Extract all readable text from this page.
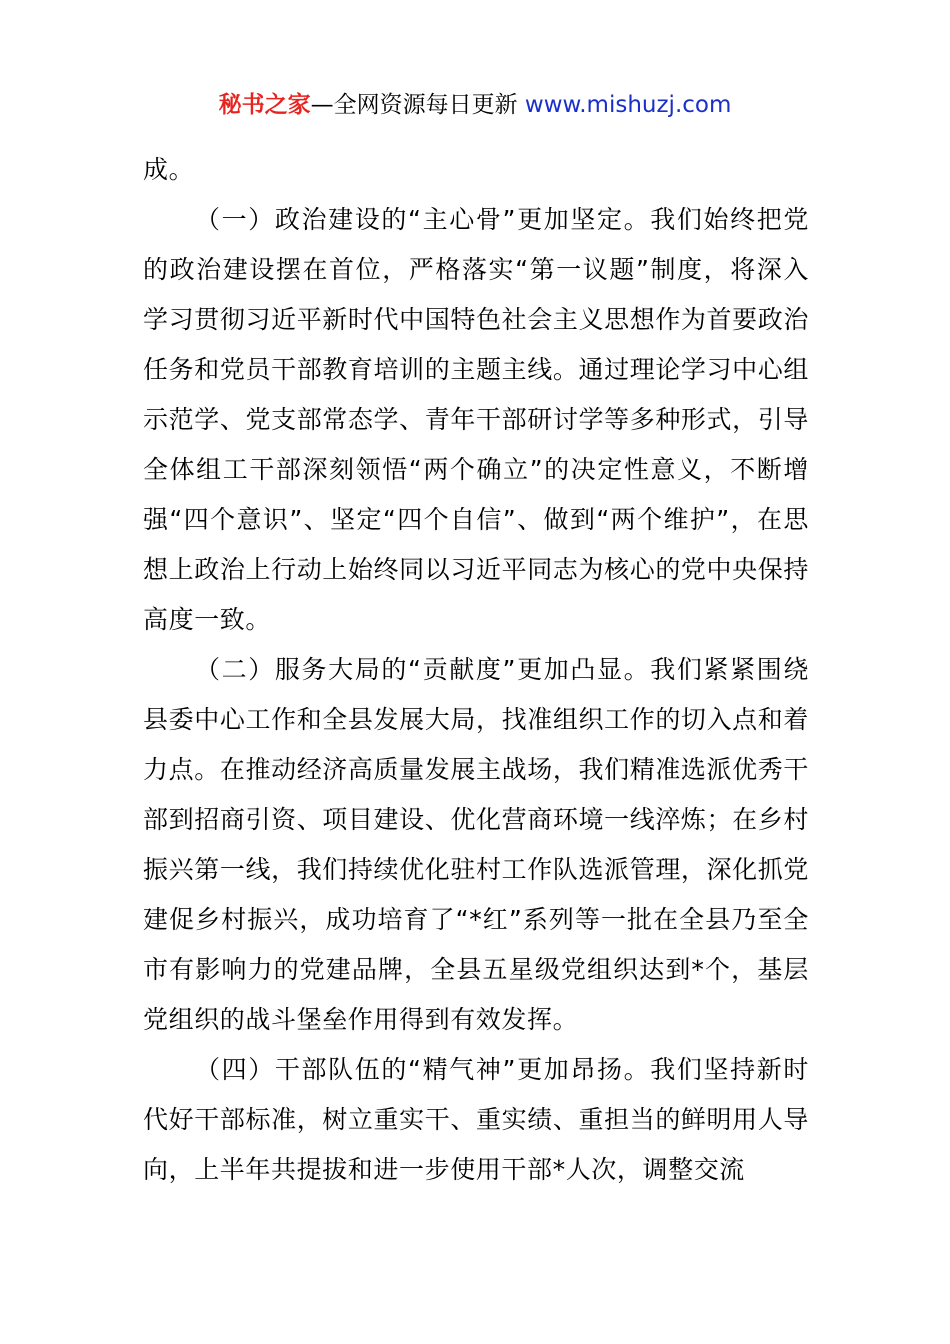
秘书之家—全网资源每日更新 www.mishuzj.com

成。

（一）政治建设的“主心骨”更加坚定。我们始终把党的政治建设摆在首位，严格落实“第一议题”制度，将深入学习贯彻习近平新时代中国特色社会主义思想作为首要政治任务和党员干部教育培训的主题主线。通过理论学习中心组示范学、党支部常态学、青年干部研讨学等多种形式，引导全体组工干部深刻领悟“两个确立”的决定性意义，不断增强“四个意识”、坚定“四个自信”、做到“两个维护”，在思想上政治上行动上始终同以习近平同志为核心的党中央保持高度一致。

（二）服务大局的“贡献度”更加凸显。我们紧紧围绕县委中心工作和全县发展大局，找准组织工作的切入点和着力点。在推动经济高质量发展主战场，我们精准选派优秀干部到招商引资、项目建设、优化营商环境一线淬炼；在乡村振兴第一线，我们持续优化驻村工作队选派管理，深化抓党建促乡村振兴，成功培育了“*红”系列等一批在全县乃至全市有影响力的党建品牌，全县五星级党组织达到*个，基层党组织的战斗堡垒作用得到有效发挥。

（四）干部队伍的“精气神”更加昂扬。我们坚持新时代好干部标准，树立重实干、重实绩、重担当的鲜明用人导向，上半年共提拔和进一步使用干部*人次，调整交流
